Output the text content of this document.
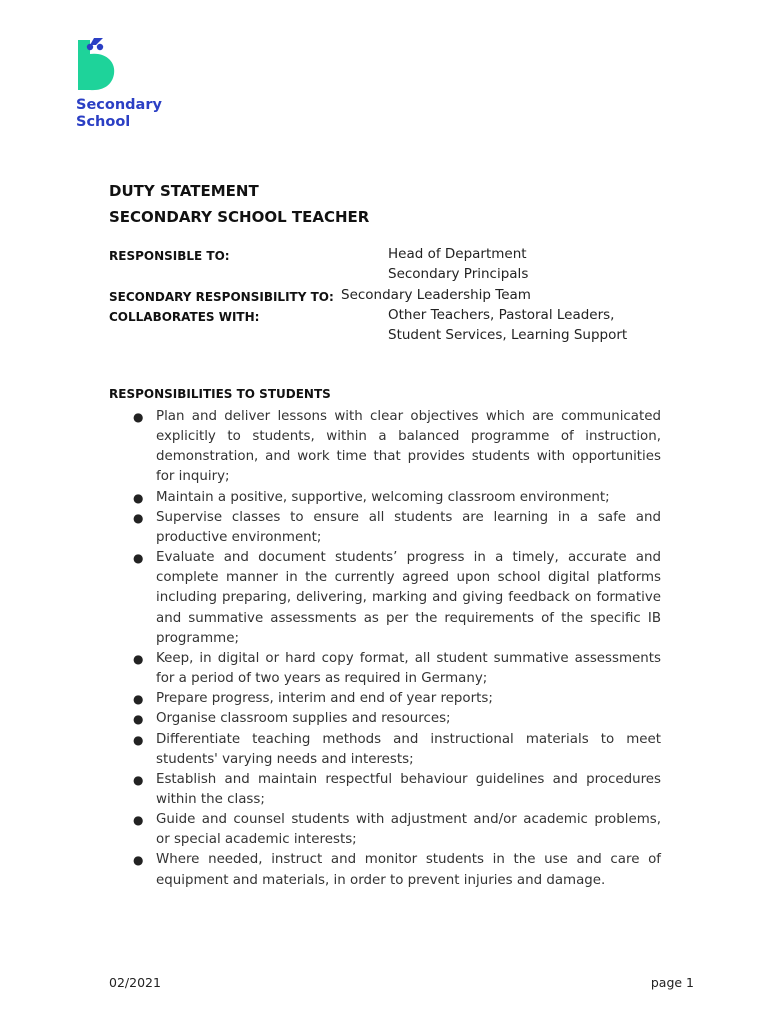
Secondary
School
DUTY STATEMENT
SECONDARY SCHOOL TEACHER
RESPONSIBLE TO:	Head of Department
Secondary Principals
SECONDARY RESPONSIBILITY TO: Secondary Leadership Team
COLLABORATES WITH:	Other Teachers, Pastoral Leaders,
Student Services, Learning Support
RESPONSIBILITIES TO STUDENTS
● Plan and deliver lessons with clear objectives which are communicated explicitly to students, within a balanced programme of instruction, demonstration, and work time that provides students with opportunities for inquiry;
● Maintain a positive, supportive, welcoming classroom environment;
● Supervise classes to ensure all students are learning in a safe and productive environment;
● Evaluate and document students’ progress in a timely, accurate and complete manner in the currently agreed upon school digital platforms including preparing, delivering, marking and giving feedback on formative and summative assessments as per the requirements of the specific IB programme;
● Keep, in digital or hard copy format, all student summative assessments for a period of two years as required in Germany;
● Prepare progress, interim and end of year reports;
● Organise classroom supplies and resources;
● Differentiate teaching methods and instructional materials to meet students' varying needs and interests;
● Establish and maintain respectful behaviour guidelines and procedures within the class;
● Guide and counsel students with adjustment and/or academic problems, or special academic interests;
● Where needed, instruct and monitor students in the use and care of equipment and materials, in order to prevent injuries and damage.
02/2021	page 1
